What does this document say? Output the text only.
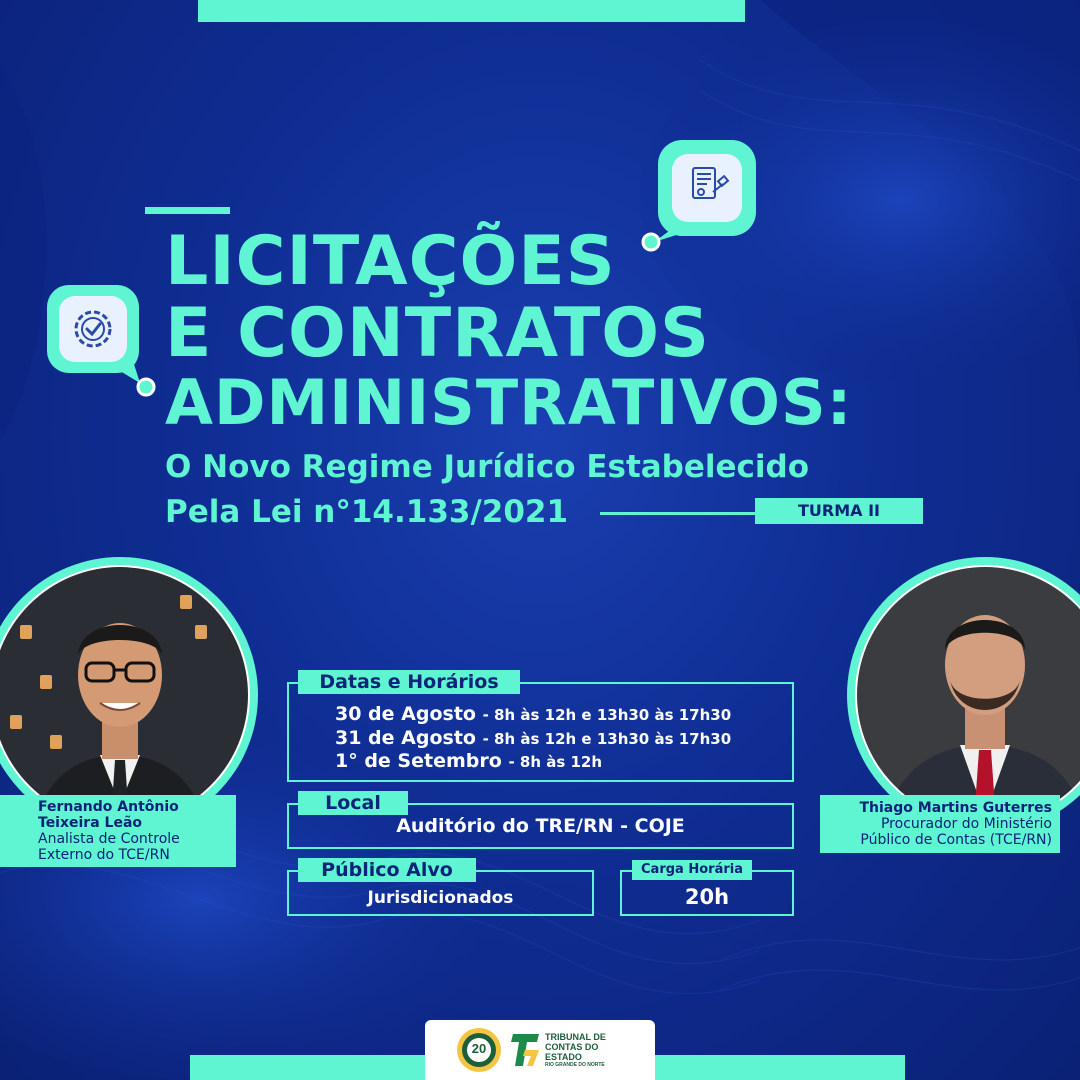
LICITAÇÕES
E CONTRATOS
ADMINISTRATIVOS:
O Novo Regime Jurídico Estabelecido
Pela Lei n°14.133/2021	TURMA II
Fernando Antônio
Teixeira Leão
Analista de Controle
Externo do TCE/RN
Thiago Martins Guterres
Procurador do Ministério
Público de Contas (TCE/RN)
Datas e Horários
30 de Agosto - 8h às 12h e 13h30 às 17h30
31 de Agosto - 8h às 12h e 13h30 às 17h30
1° de Setembro - 8h às 12h
Local
Auditório do TRE/RN - COJE
Público Alvo
Jurisdicionados
Carga Horária
20h
20
TRIBUNAL DE
CONTAS DO
ESTADO
RIO GRANDE DO NORTE
